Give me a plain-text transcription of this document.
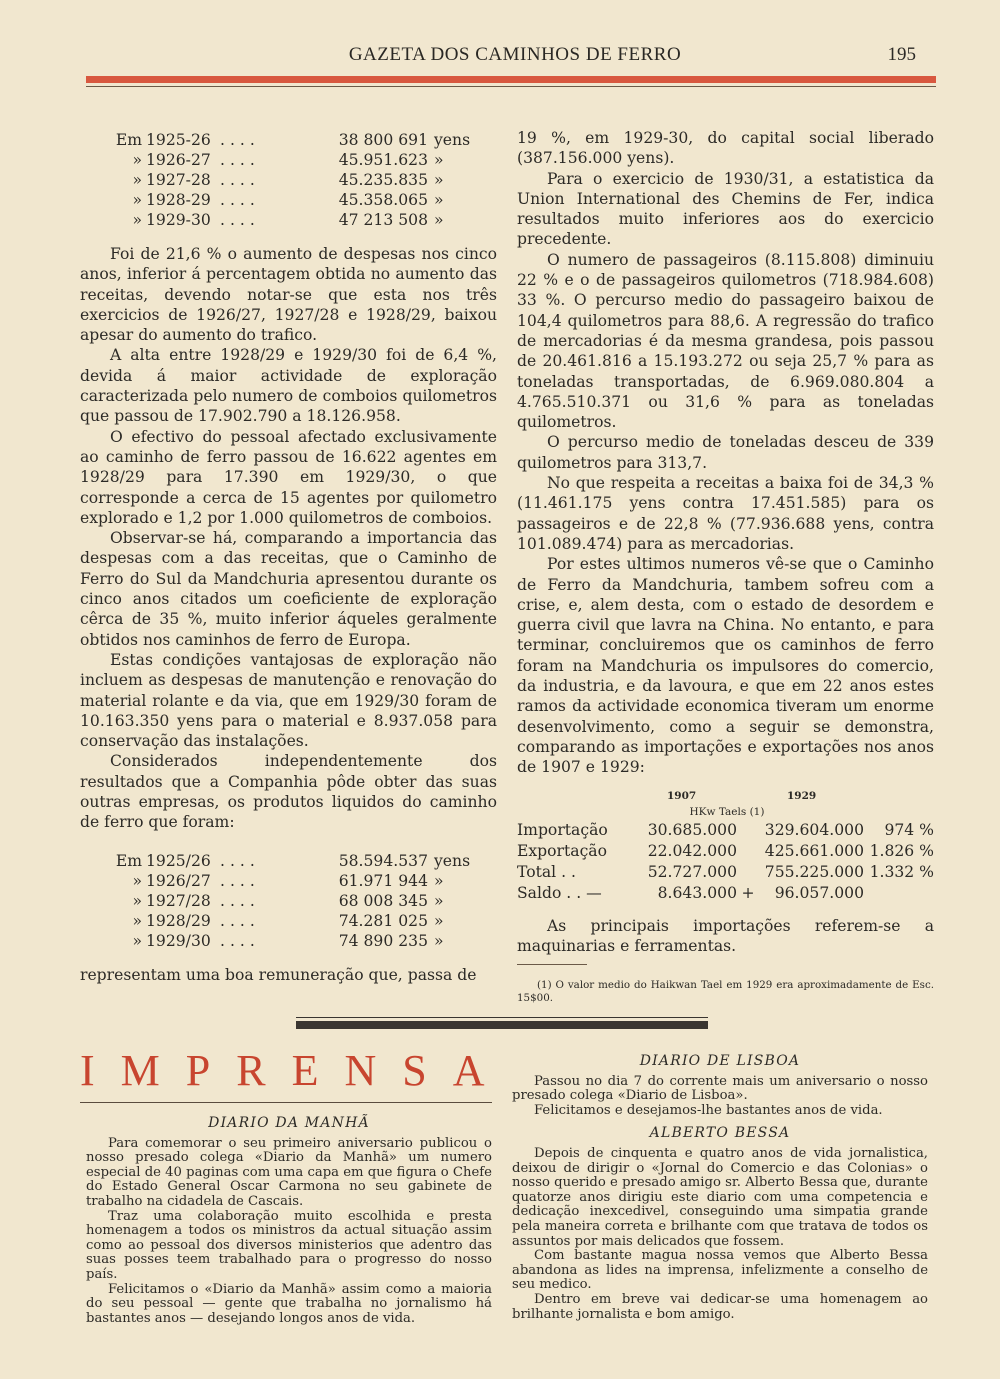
GAZETA DOS CAMINHOS DE FERRO	195
Em 1925-26 ....	38 800 691 yens
» 1926-27 ....	45.951.623 »
» 1927-28 ....	45.235.835 »
» 1928-29 ....	45.358.065 »
» 1929-30 ....	47 213 508 »

Foi de 21,6 % o aumento de despesas nos cinco anos, inferior á percentagem obtida no aumento das receitas, devendo notar-se que esta nos três exercicios de 1926/27, 1927/28 e 1928/29, baixou apesar do aumento do trafico.

A alta entre 1928/29 e 1929/30 foi de 6,4 %, devida á maior actividade de exploração caracterizada pelo numero de comboios quilometros que passou de 17.902.790 a 18.126.958.

O efectivo do pessoal afectado exclusivamente ao caminho de ferro passou de 16.622 agentes em 1928/29 para 17.390 em 1929/30, o que corresponde a cerca de 15 agentes por quilometro explorado e 1,2 por 1.000 quilometros de comboios.

Observar-se há, comparando a importancia das despesas com a das receitas, que o Caminho de Ferro do Sul da Mandchuria apresentou durante os cinco anos citados um coeficiente de exploração cêrca de 35 %, muito inferior áqueles geralmente obtidos nos caminhos de ferro de Europa.

Estas condições vantajosas de exploração não incluem as despesas de manutenção e renovação do material rolante e da via, que em 1929/30 foram de 10.163.350 yens para o material e 8.937.058 para conservação das instalações.

Considerados independentemente dos resultados que a Companhia pôde obter das suas outras empresas, os produtos liquidos do caminho de ferro que foram:

Em 1925/26 ....	58.594.537 yens
» 1926/27 ....	61.971 944 »
» 1927/28 ....	68 008 345 »
» 1928/29 ....	74.281 025 »
» 1929/30 ....	74 890 235 »

representam uma boa remuneração que, passa de

19 %, em 1929-30, do capital social liberado (387.156.000 yens).

Para o exercicio de 1930/31, a estatistica da Union International des Chemins de Fer, indica resultados muito inferiores aos do exercicio precedente.

O numero de passageiros (8.115.808) diminuiu 22 % e o de passageiros quilometros (718.984.608) 33 %. O percurso medio do passageiro baixou de 104,4 quilometros para 88,6. A regressão do trafico de mercadorias é da mesma grandesa, pois passou de 20.461.816 a 15.193.272 ou seja 25,7 % para as toneladas transportadas, de 6.969.080.804 a 4.765.510.371 ou 31,6 % para as toneladas quilometros.

O percurso medio de toneladas desceu de 339 quilometros para 313,7.

No que respeita a receitas a baixa foi de 34,3 % (11.461.175 yens contra 17.451.585) para os passageiros e de 22,8 % (77.936.688 yens, contra 101.089.474) para as mercadorias.

Por estes ultimos numeros vê-se que o Caminho de Ferro da Mandchuria, tambem sofreu com a crise, e, alem desta, com o estado de desordem e guerra civil que lavra na China. No entanto, e para terminar, concluiremos que os caminhos de ferro foram na Mandchuria os impulsores do comercio, da industria, e da lavoura, e que em 22 anos estes ramos da actividade economica tiveram um enorme desenvolvimento, como a seguir se demonstra, comparando as importações e exportações nos anos de 1907 e 1929:

1907	1929
HKw Taels (1)
Importação	30.685.000	329.604.000	974 %
Exportação	22.042.000	425.661.000 1.826 %
Total . .	52.727.000	755.225.000 1.332 %
Saldo . . —	8.643.000 +	96.057.000

As principais importações referem-se a maquinarias e ferramentas.

(1) O valor medio do Haikwan Tael em 1929 era aproximadamente de Esc. 15$00.
IMPRENSA
DIARIO DA MANHÃ

Para comemorar o seu primeiro aniversario publicou o nosso presado colega «Diario da Manhã» um numero especial de 40 paginas com uma capa em que figura o Chefe do Estado General Oscar Carmona no seu gabinete de trabalho na cidadela de Cascais.

Traz uma colaboração muito escolhida e presta homenagem a todos os ministros da actual situação assim como ao pessoal dos diversos ministerios que adentro das suas posses teem trabalhado para o progresso do nosso país.

Felicitamos o «Diario da Manhã» assim como a maioria do seu pessoal — gente que trabalha no jornalismo há bastantes anos — desejando longos anos de vida.

DIARIO DE LISBOA

Passou no dia 7 do corrente mais um aniversario o nosso presado colega «Diario de Lisboa».

Felicitamos e desejamos-lhe bastantes anos de vida.

ALBERTO BESSA

Depois de cinquenta e quatro anos de vida jornalistica, deixou de dirigir o «Jornal do Comercio e das Colonias» o nosso querido e presado amigo sr. Alberto Bessa que, durante quatorze anos dirigiu este diario com uma competencia e dedicação inexcedivel, conseguindo uma simpatia grande pela maneira correta e brilhante com que tratava de todos os assuntos por mais delicados que fossem.

Com bastante magua nossa vemos que Alberto Bessa abandona as lides na imprensa, infelizmente a conselho de seu medico.

Dentro em breve vai dedicar-se uma homenagem ao brilhante jornalista e bom amigo.
